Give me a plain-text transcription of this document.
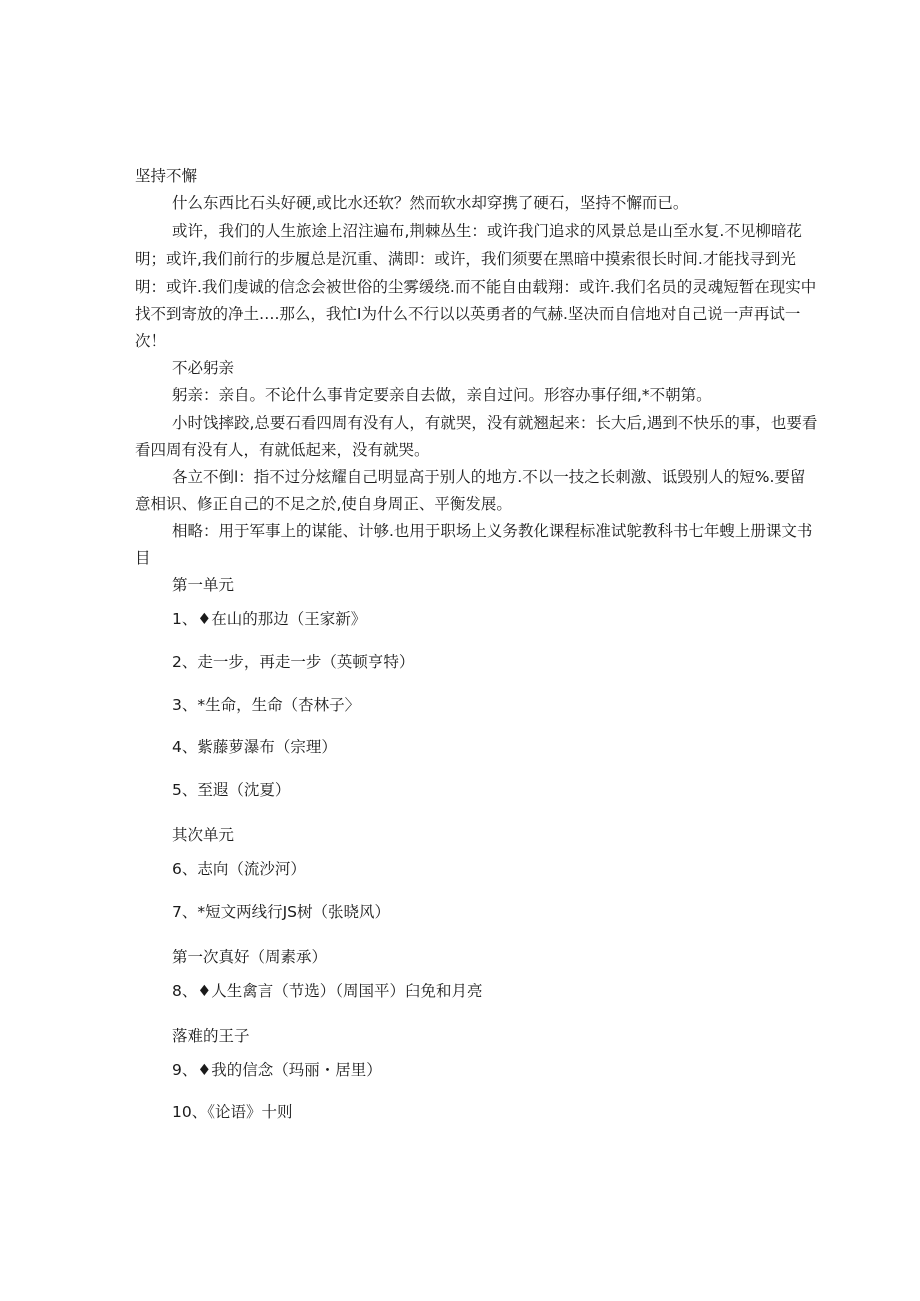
坚持不懈
什么东西比石头好硬,或比水还软？然而软水却穿携了硬石，坚持不懈而已。
或许，我们的人生旅途上沼注遍布,荆棘丛生：或许我门追求的风景总是山至水复.不见柳暗花
明；或许,我们前行的步履总是沉重、满即：或许，我们须要在黑暗中摸索很长时间.才能找寻到光
明：或许.我们虔诚的信念会被世俗的尘雾缓绕.而不能自由载翔：或许.我们名员的灵魂短暂在现实中
找不到寄放的净土….那么，我忙I为什么不行以以英勇者的气赫.坚决而自信地对自己说一声再试一
次！
不必躬亲
躬亲：亲自。不论什么事肯定要亲自去做，亲自过问。形容办事仔细,*不朝第。
小时饯摔跤,总要石看四周有没有人，有就哭，没有就翘起来：长大后,遇到不快乐的事，也要看
看四周有没有人，有就低起来，没有就哭。
各立不倒l：指不过分炫耀自己明显高于别人的地方.不以一技之长刺激、诋毁别人的短%.要留
意相识、修正自己的不足之於,使自身周正、平衡发展。
相略：用于军事上的谋能、计够.也用于职场上义务教化课程标准试鸵教科书七年螋上册课文书
目
第一单元
1、♦在山的那边（王家新》
2、走一步，再走一步（英顿亨特）
3、*生命，生命（杏林子〉
4、紫藤萝瀑布（宗理）
5、至遐（沈夏）
其次单元
6、志向（流沙河）
7、*短文两线行JS树（张晓风）
第一次真好（周素承）
8、♦人生禽言（节选）（周国平）臼免和月亮
落难的王子
9、♦我的信念（玛丽・居里）
10、《论语》十则
